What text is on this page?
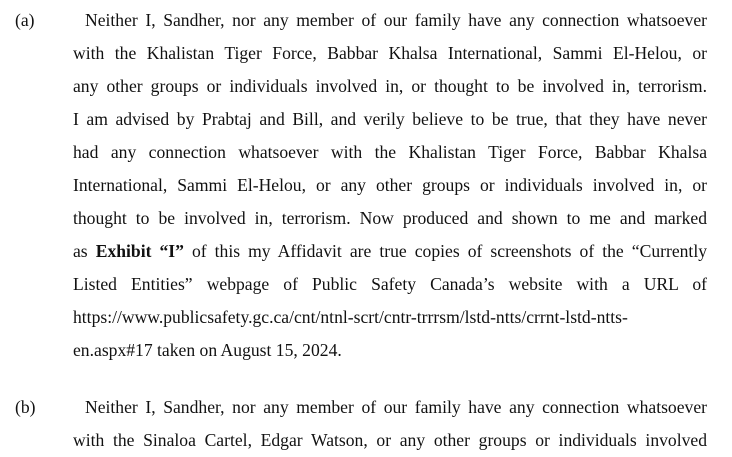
(a)	Neither I, Sandher, nor any member of our family have any connection whatsoever
with the Khalistan Tiger Force, Babbar Khalsa International, Sammi El-Helou, or
any other groups or individuals involved in, or thought to be involved in, terrorism.
I am advised by Prabtaj and Bill, and verily believe to be true, that they have never
had any connection whatsoever with the Khalistan Tiger Force, Babbar Khalsa
International, Sammi El-Helou, or any other groups or individuals involved in, or
thought to be involved in, terrorism. Now produced and shown to me and marked
as Exhibit “I” of this my Affidavit are true copies of screenshots of the “Currently
Listed Entities” webpage of Public Safety Canada’s website with a URL of
https://www.publicsafety.gc.ca/cnt/ntnl-scrt/cntr-trrrsm/lstd-ntts/crrnt-lstd-ntts-
en.aspx#17 taken on August 15, 2024.
(b)	Neither I, Sandher, nor any member of our family have any connection whatsoever
with the Sinaloa Cartel, Edgar Watson, or any other groups or individuals involved
